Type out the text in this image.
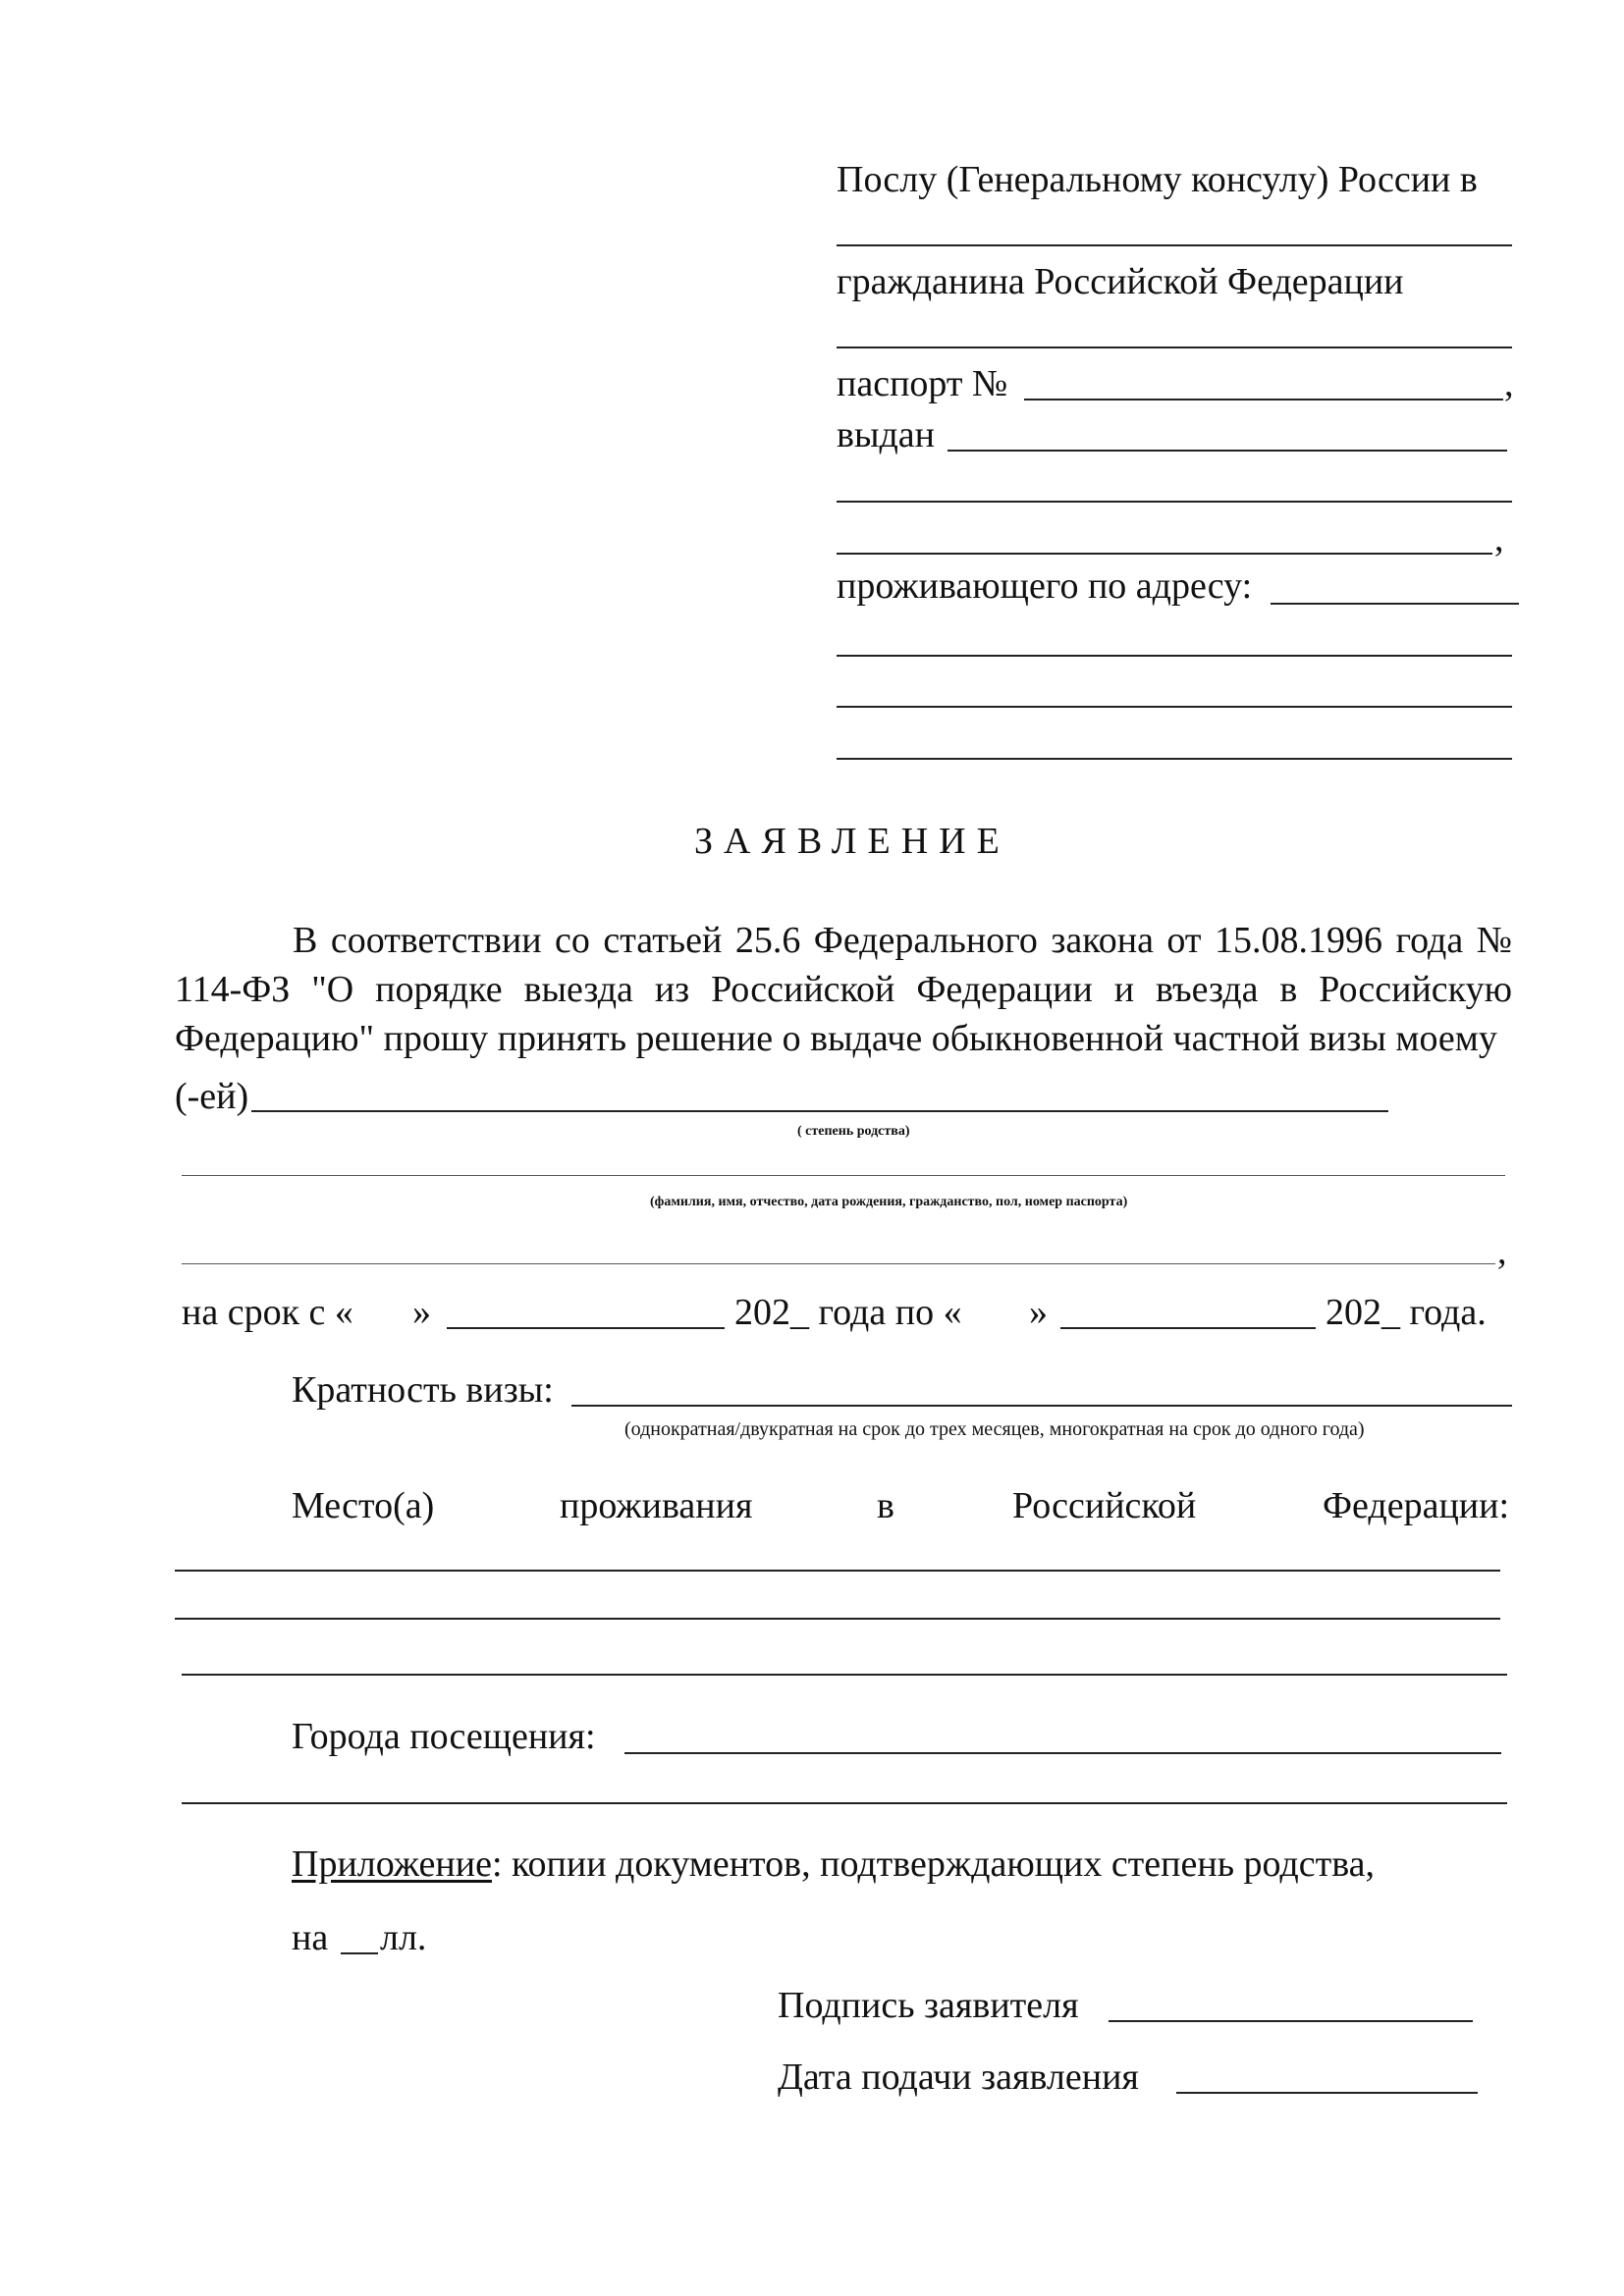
Послу (Генеральному консулу) России в
гражданина Российской Федерации
паспорт №	,
выдан
,
проживающего по адресу:
ЗАЯВЛЕНИЕ
В соответствии со статьей 25.6 Федерального закона от 15.08.1996 года № 114-ФЗ "О порядке выезда из Российской Федерации и въезда в Российскую Федерацию" прошу принять решение о выдаче обыкновенной частной визы моему
(-ей)
( степень родства)
(фамилия, имя, отчество, дата рождения, гражданство, пол, номер паспорта)
,
на срок с « »	202_ года по « »	202_ года.
Кратность визы:
(однократная/двукратная на срок до трех месяцев, многократная на срок до одного года)
Место(а)	проживания	в	Российской	Федерации:
Города посещения:
Приложение: копии документов, подтверждающих степень родства,
на лл.
Подпись заявителя
Дата подачи заявления
